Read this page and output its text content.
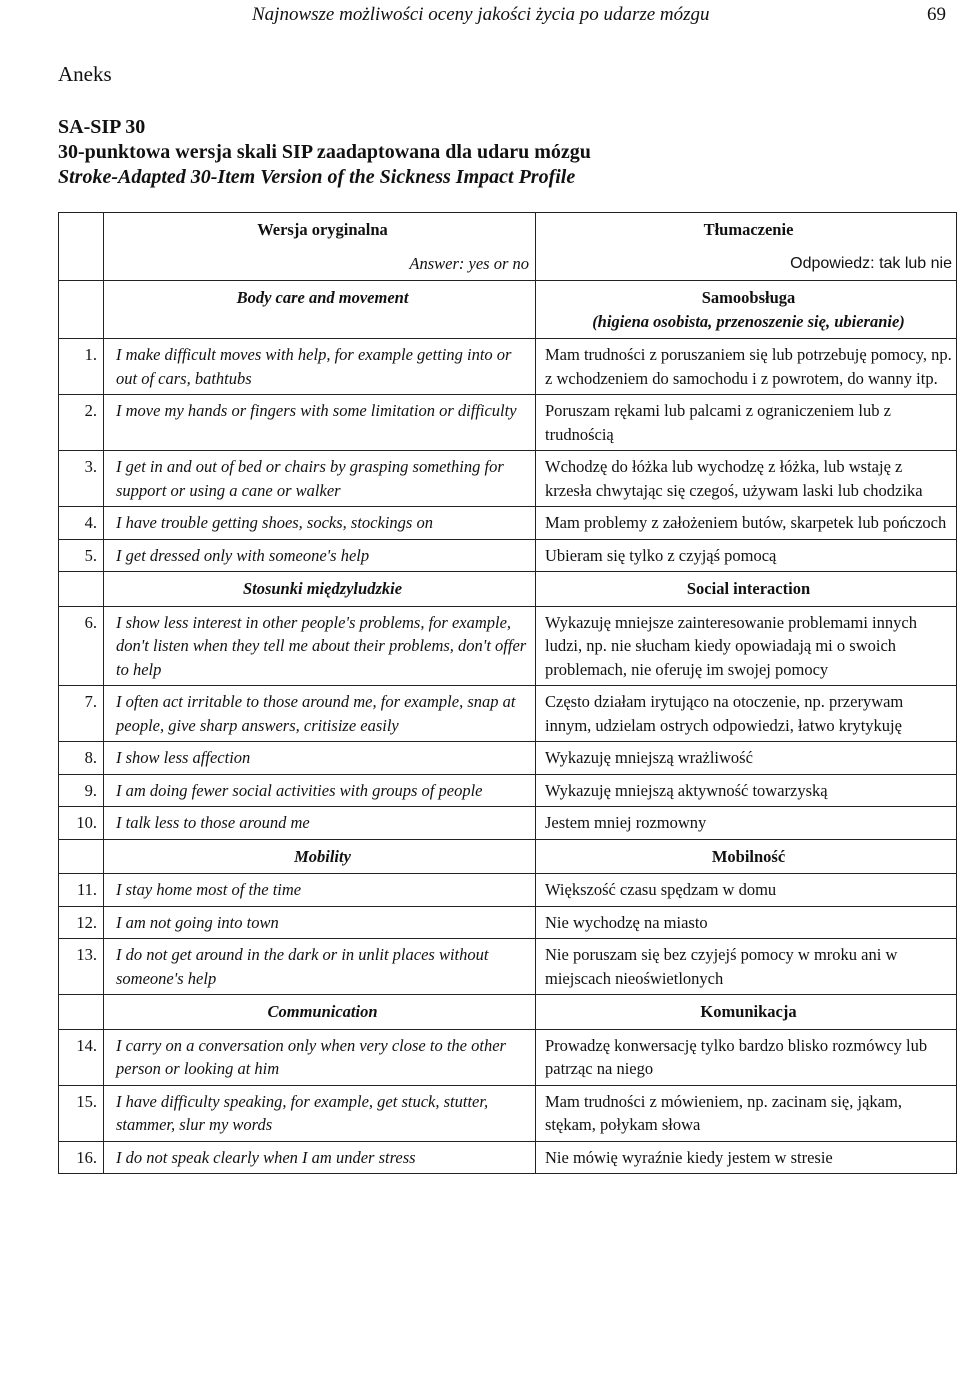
Najnowsze możliwości oceny jakości życia po udarze mózgu	69
Aneks
SA-SIP 30
30-punktowa wersja skali SIP zaadaptowana dla udaru mózgu
Stroke-Adapted 30-Item Version of the Sickness Impact Profile
	Wersja oryginalna	Tłumaczenie
	Answer: yes or no	Odpowiedz: tak lub nie
	Body care and movement	Samoobsługa
(higiena osobista, przenoszenie się, ubieranie)

1.	I make difficult moves with help, for example getting into or out of cars, bathtubs	Mam trudności z poruszaniem się lub potrzebuję pomocy, np. z wchodzeniem do samochodu i z powrotem, do wanny itp.
2.	I move my hands or fingers with some limitation or difficulty	Poruszam rękami lub palcami z ograniczeniem lub z trudnością
3.	I get in and out of bed or chairs by grasping something for support or using a cane or walker	Wchodzę do łóżka lub wychodzę z łóżka, lub wstaję z krzesła chwytając się czegoś, używam laski lub chodzika
4.	I have trouble getting shoes, socks, stockings on	Mam problemy z założeniem butów, skarpetek lub pończoch
5.	I get dressed only with someone's help	Ubieram się tylko z czyjąś pomocą
	Stosunki międzyludzkie	Social interaction

6.	I show less interest in other people's problems, for example, don't listen when they tell me about their problems, don't offer to help	Wykazuję mniejsze zainteresowanie problemami innych ludzi, np. nie słucham kiedy opowiadają mi o swoich problemach, nie oferuję im swojej pomocy
7.	I often act irritable to those around me, for example, snap at people, give sharp answers, critisize easily	Często działam irytująco na otoczenie, np. przerywam innym, udzielam ostrych odpowiedzi, łatwo krytykuję
8.	I show less affection	Wykazuję mniejszą wrażliwość
9.	I am doing fewer social activities with groups of people	Wykazuję mniejszą aktywność towarzyską
10.	I talk less to those around me	Jestem mniej rozmowny
	Mobility	Mobilność

11.	I stay home most of the time	Większość czasu spędzam w domu
12.	I am not going into town	Nie wychodzę na miasto
13.	I do not get around in the dark or in unlit places without someone's help	Nie poruszam się bez czyjejś pomocy w mroku ani w miejscach nieoświetlonych
	Communication	Komunikacja

14.	I carry on a conversation only when very close to the other person or looking at him	Prowadzę konwersację tylko bardzo blisko rozmówcy lub patrząc na niego
15.	I have difficulty speaking, for example, get stuck, stutter, stammer, slur my words	Mam trudności z mówieniem, np. zacinam się, jąkam, stękam, połykam słowa
16.	I do not speak clearly when I am under stress	Nie mówię wyraźnie kiedy jestem w stresie
